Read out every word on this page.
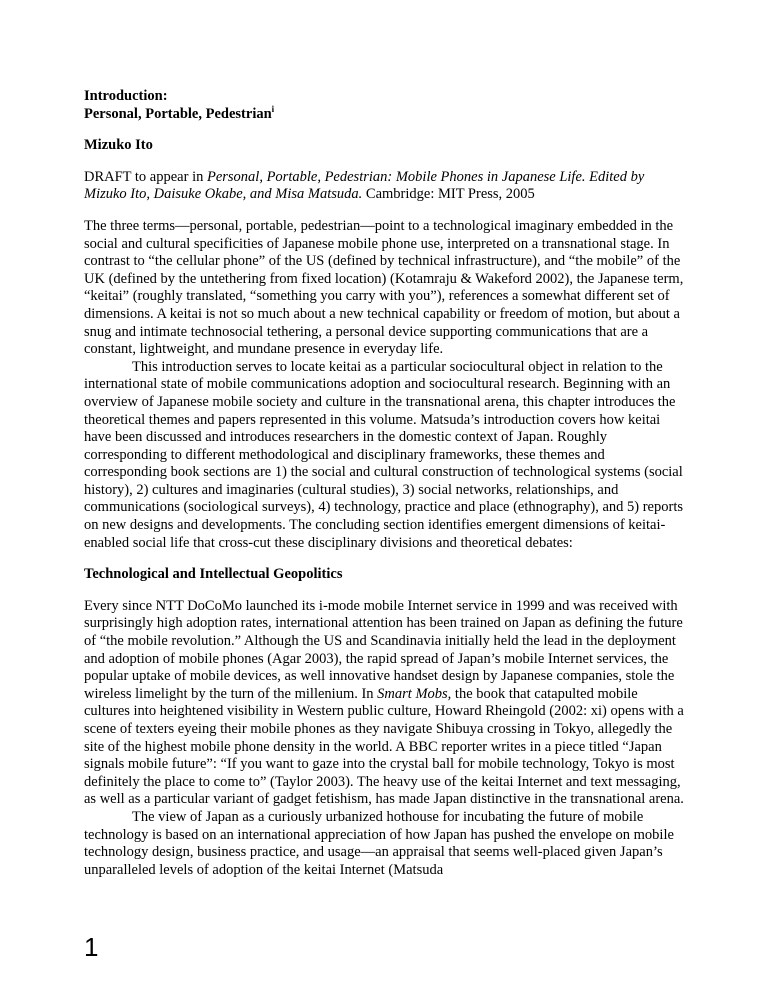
Introduction:
Personal, Portable, Pedestrian$^i$

Mizuko Ito

DRAFT to appear in Personal, Portable, Pedestrian: Mobile Phones in Japanese Life. Edited by Mizuko Ito, Daisuke Okabe, and Misa Matsuda. Cambridge: MIT Press, 2005

The three terms—personal, portable, pedestrian—point to a technological imaginary embedded in the social and cultural specificities of Japanese mobile phone use, interpreted on a transnational stage. In contrast to “the cellular phone” of the US (defined by technical infrastructure), and “the mobile” of the UK (defined by the untethering from fixed location) (Kotamraju & Wakeford 2002), the Japanese term, “keitai” (roughly translated, “something you carry with you”), references a somewhat different set of dimensions. A keitai is not so much about a new technical capability or freedom of motion, but about a snug and intimate technosocial tethering, a personal device supporting communications that are a constant, lightweight, and mundane presence in everyday life.

This introduction serves to locate keitai as a particular sociocultural object in relation to the international state of mobile communications adoption and sociocultural research. Beginning with an overview of Japanese mobile society and culture in the transnational arena, this chapter introduces the theoretical themes and papers represented in this volume. Matsuda’s introduction covers how keitai have been discussed and introduces researchers in the domestic context of Japan. Roughly corresponding to different methodological and disciplinary frameworks, these themes and corresponding book sections are 1) the social and cultural construction of technological systems (social history), 2) cultures and imaginaries (cultural studies), 3) social networks, relationships, and communications (sociological surveys), 4) technology, practice and place (ethnography), and 5) reports on new designs and developments. The concluding section identifies emergent dimensions of keitai-enabled social life that cross-cut these disciplinary divisions and theoretical debates:

Technological and Intellectual Geopolitics

Every since NTT DoCoMo launched its i-mode mobile Internet service in 1999 and was received with surprisingly high adoption rates, international attention has been trained on Japan as defining the future of “the mobile revolution.” Although the US and Scandinavia initially held the lead in the deployment and adoption of mobile phones (Agar 2003), the rapid spread of Japan’s mobile Internet services, the popular uptake of mobile devices, as well innovative handset design by Japanese companies, stole the wireless limelight by the turn of the millenium. In Smart Mobs, the book that catapulted mobile cultures into heightened visibility in Western public culture, Howard Rheingold (2002: xi) opens with a scene of texters eyeing their mobile phones as they navigate Shibuya crossing in Tokyo, allegedly the site of the highest mobile phone density in the world. A BBC reporter writes in a piece titled “Japan signals mobile future”: “If you want to gaze into the crystal ball for mobile technology, Tokyo is most definitely the place to come to” (Taylor 2003). The heavy use of the keitai Internet and text messaging, as well as a particular variant of gadget fetishism, has made Japan distinctive in the transnational arena.

The view of Japan as a curiously urbanized hothouse for incubating the future of mobile technology is based on an international appreciation of how Japan has pushed the envelope on mobile technology design, business practice, and usage—an appraisal that seems well-placed given Japan’s unparalleled levels of adoption of the keitai Internet (Matsuda

1
